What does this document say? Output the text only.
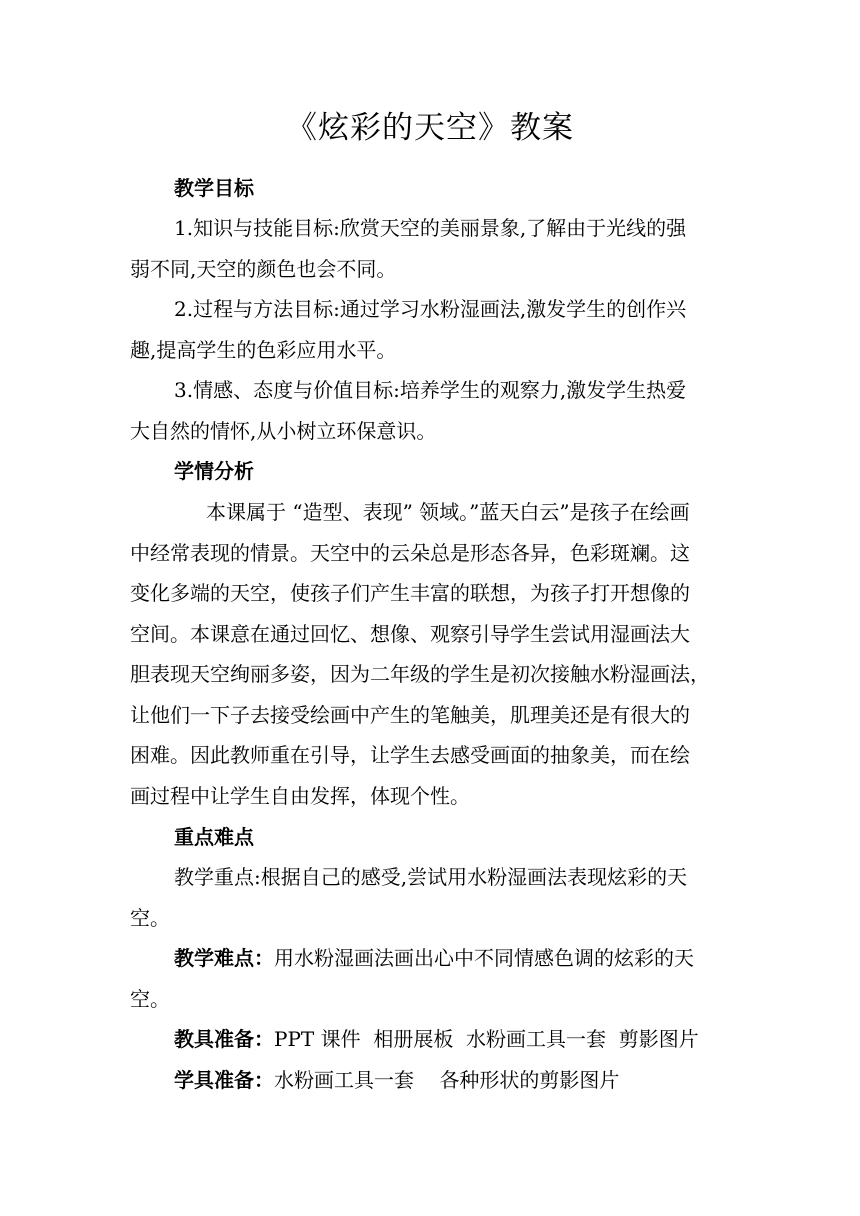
《炫彩的天空》教案
教学目标
1.知识与技能目标:欣赏天空的美丽景象,了解由于光线的强
弱不同,天空的颜色也会不同。
2.过程与方法目标:通过学习水粉湿画法,激发学生的创作兴
趣,提高学生的色彩应用水平。
3.情感、态度与价值目标:培养学生的观察力,激发学生热爱
大自然的情怀,从小树立环保意识。
学情分析
本课属于 “造型、表现” 领域。”蓝天白云”是孩子在绘画
中经常表现的情景。天空中的云朵总是形态各异，色彩斑斓。这
变化多端的天空，使孩子们产生丰富的联想，为孩子打开想像的
空间。本课意在通过回忆、想像、观察引导学生尝试用湿画法大
胆表现天空绚丽多姿，因为二年级的学生是初次接触水粉湿画法，
让他们一下子去接受绘画中产生的笔触美，肌理美还是有很大的
困难。因此教师重在引导，让学生去感受画面的抽象美，而在绘
画过程中让学生自由发挥，体现个性。
重点难点
教学重点:根据自己的感受,尝试用水粉湿画法表现炫彩的天
空。
教学难点：用水粉湿画法画出心中不同情感色调的炫彩的天
空。
教具准备：PPT 课件  相册展板  水粉画工具一套  剪影图片
学具准备：水粉画工具一套    各种形状的剪影图片
